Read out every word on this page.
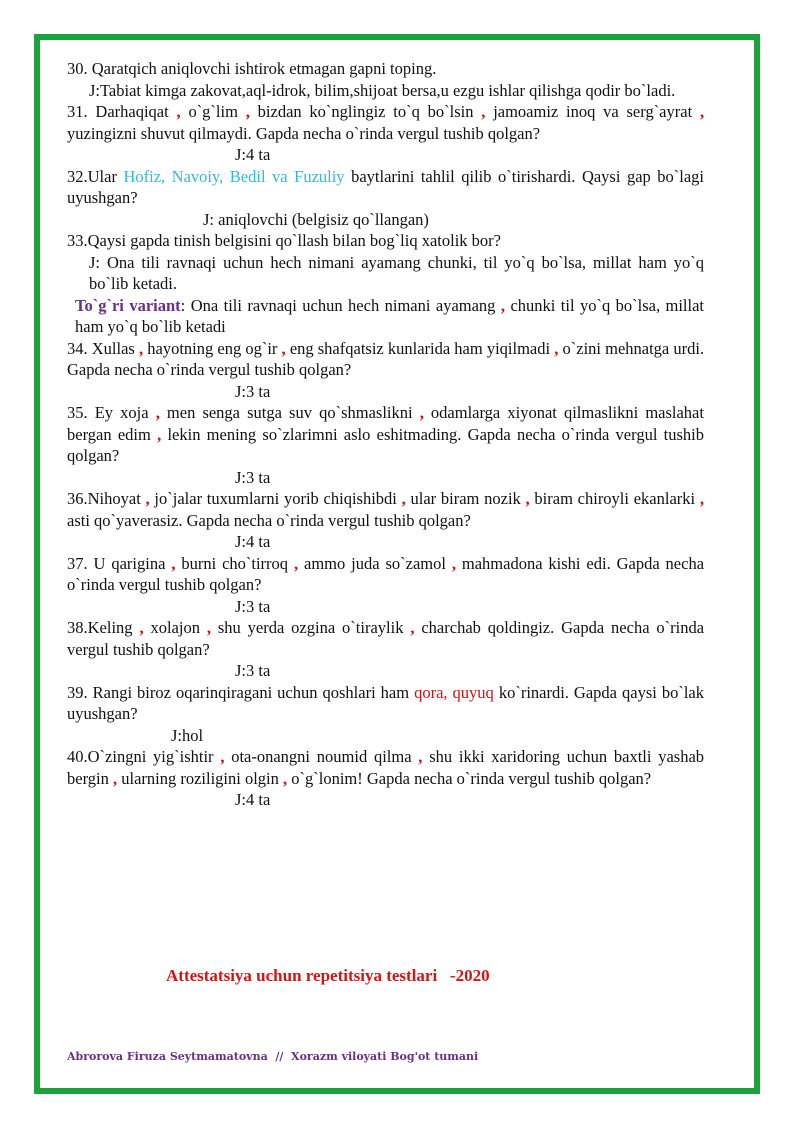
30. Qaratqich aniqlovchi ishtirok etmagan gapni toping.

J:Tabiat kimga zakovat,aql-idrok, bilim,shijoat bersa,u ezgu ishlar qilishga qodir bo`ladi.

31. Darhaqiqat , o`g`lim , bizdan ko`nglingiz to`q bo`lsin , jamoamiz inoq va serg`ayrat , yuzingizni shuvut qilmaydi. Gapda necha o`rinda vergul tushib qolgan?

J:4 ta

32.Ular Hofiz, Navoiy, Bedil va Fuzuliy baytlarini tahlil qilib o`tirishardi. Qaysi gap bo`lagi uyushgan?

J: aniqlovchi (belgisiz qo`llangan)

33.Qaysi gapda tinish belgisini qo`llash bilan bog`liq xatolik bor?

J: Ona tili ravnaqi uchun hech nimani ayamang chunki, til yo`q bo`lsa, millat ham yo`q bo`lib ketadi.

To`g`ri variant: Ona tili ravnaqi uchun hech nimani ayamang , chunki til yo`q bo`lsa, millat ham yo`q bo`lib ketadi

34. Xullas , hayotning eng og`ir , eng shafqatsiz kunlarida ham yiqilmadi , o`zini mehnatga urdi. Gapda necha o`rinda vergul tushib qolgan?

J:3 ta

35. Ey xoja , men senga sutga suv qo`shmaslikni , odamlarga xiyonat qilmaslikni maslahat bergan edim , lekin mening so`zlarimni aslo eshitmading. Gapda necha o`rinda vergul tushib qolgan?

J:3 ta

36.Nihoyat , jo`jalar tuxumlarni yorib chiqishibdi , ular biram nozik , biram chiroyli ekanlarki , asti qo`yaverasiz. Gapda necha o`rinda vergul tushib qolgan?

J:4 ta

37. U qarigina , burni cho`tirroq , ammo juda so`zamol , mahmadona kishi edi. Gapda necha o`rinda vergul tushib qolgan?

J:3 ta

38.Keling , xolajon , shu yerda ozgina o`tiraylik , charchab qoldingiz. Gapda necha o`rinda vergul tushib qolgan?

J:3 ta

39. Rangi biroz oqarinqiragani uchun qoshlari ham qora, quyuq ko`rinardi. Gapda qaysi bo`lak uyushgan?

J:hol

40.O`zingni yig`ishtir , ota-onangni noumid qilma , shu ikki xaridoring uchun baxtli yashab bergin , ularning roziligini olgin , o`g`lonim! Gapda necha o`rinda vergul tushib qolgan?

J:4 ta

Attestatsiya uchun repetitsiya testlari   -2020
Abrorova Firuza Seytmamatovna  //  Xorazm viloyati Bog'ot tumani
